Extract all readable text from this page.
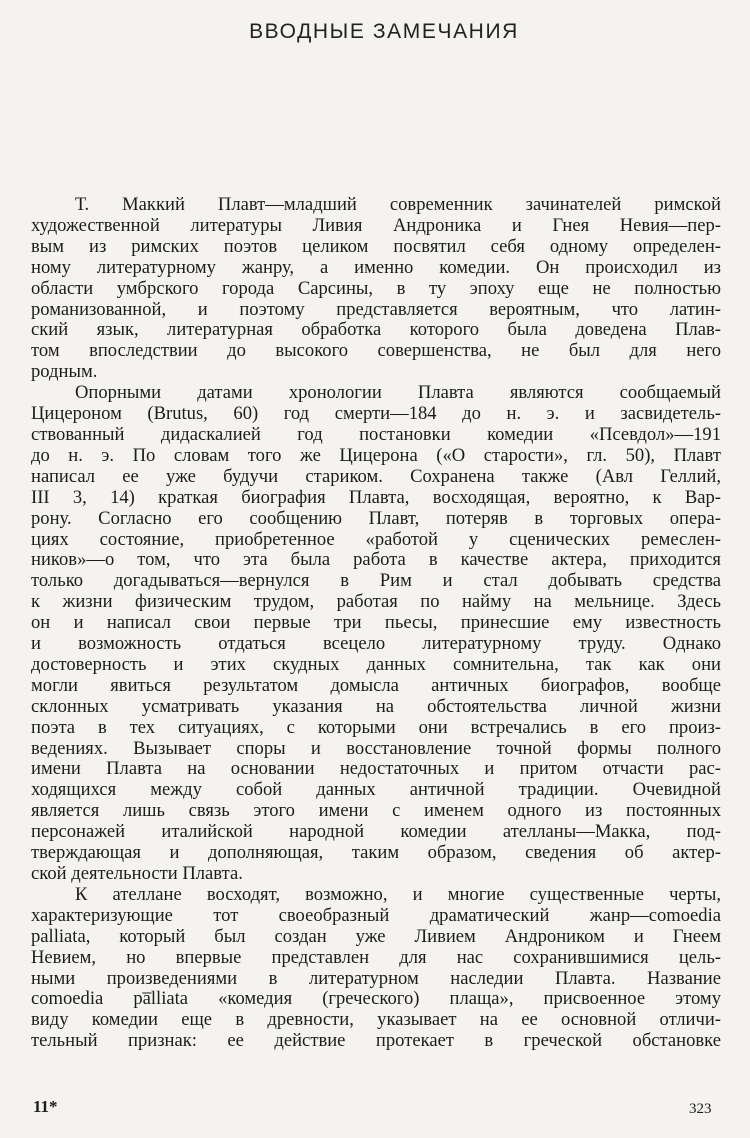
ВВОДНЫЕ ЗАМЕЧАНИЯ

Т. Маккий Плавт—младший современник зачинателей римской

художественной литературы Ливия Андроника и Гнея Невия—пер-

вым из римских поэтов целиком посвятил себя одному определен-

ному литературному жанру, а именно комедии. Он происходил из

области умбрского города Сарсины, в ту эпоху еще не полностью

романизованной, и поэтому представляется вероятным, что латин-

ский язык, литературная обработка которого была доведена Плав-

том впоследствии до высокого совершенства, не был для него

родным.

Опорными датами хронологии Плавта являются сообщаемый

Цицероном (Brutus, 60) год смерти—184 до н. э. и засвидетель-

ствованный дидаскалией год постановки комедии «Псевдол»—191

до н. э. По словам того же Цицерона («О старости», гл. 50), Плавт

написал ее уже будучи стариком. Сохранена также (Авл Геллий,

III 3, 14) краткая биография Плавта, восходящая, вероятно, к Вар-

рону. Согласно его сообщению Плавт, потеряв в торговых опера-

циях состояние, приобретенное «работой у сценических ремеслен-

ников»—о том, что эта была работа в качестве актера, приходится

только догадываться—вернулся в Рим и стал добывать средства

к жизни физическим трудом, работая по найму на мельнице. Здесь

он и написал свои первые три пьесы, принесшие ему известность

и возможность отдаться всецело литературному труду. Однако

достоверность и этих скудных данных сомнительна, так как они

могли явиться результатом домысла античных биографов, вообще

склонных усматривать указания на обстоятельства личной жизни

поэта в тех ситуациях, с которыми они встречались в его произ-

ведениях. Вызывает споры и восстановление точной формы полного

имени Плавта на основании недостаточных и притом отчасти рас-

ходящихся между собой данных античной традиции. Очевидной

является лишь связь этого имени с именем одного из постоянных

персонажей италийской народной комедии ателланы—Макка, под-

тверждающая и дополняющая, таким образом, сведения об актер-

ской деятельности Плавта.

К ателлане восходят, возможно, и многие существенные черты,

характеризующие тот своеобразный драматический жанр—comoedia

palliata, который был создан уже Ливием Андроником и Гнеем

Невием, но впервые представлен для нас сохранившимися цель-

ными произведениями в литературном наследии Плавта. Название

comoedia pa̅lliata «комедия (греческого) плаща», присвоенное этому

виду комедии еще в древности, указывает на ее основной отличи-

тельный признак: ее действие протекает в греческой обстановке

11*	323
